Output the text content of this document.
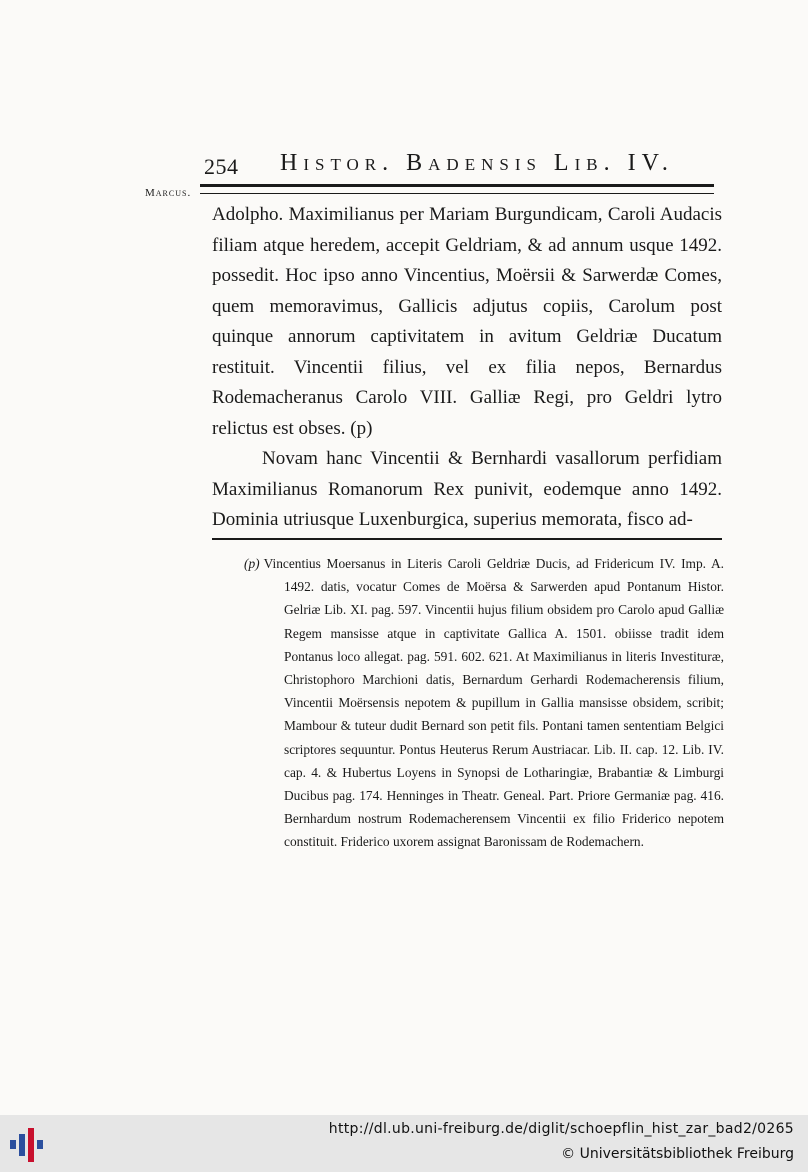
254 Histor. Badensis Lib. IV.
Marcus.

Adolpho. Maximilianus per Mariam Burgundicam, Caroli Audacis filiam atque heredem, accepit Geldriam, & ad annum usque 1492. possedit. Hoc ipso anno Vincentius, Moërsii & Sarwerdæ Comes, quem memoravimus, Gallicis adjutus copiis, Carolum post quinque annorum captivitatem in avitum Geldriæ Ducatum restituit. Vincentii filius, vel ex filia nepos, Bernardus Rodemacheranus Carolo VIII. Galliæ Regi, pro Geldri lytro relictus est obses. (p)

Novam hanc Vincentii & Bernhardi vasallorum perfidiam Maximilianus Romanorum Rex punivit, eodemque anno 1492. Dominia utriusque Luxenburgica, superius memorata, fisco ad-

(p) Vincentius Moersanus in Literis Caroli Geldriæ Ducis, ad Fridericum IV. Imp. A. 1492. datis, vocatur Comes de Moërsa & Sarwerden apud Pontanum Histor. Gelriæ Lib. XI. pag. 597. Vincentii hujus filium obsidem pro Carolo apud Galliæ Regem mansisse atque in captivitate Gallica A. 1501. obiisse tradit idem Pontanus loco allegat. pag. 591. 602. 621. At Maximilianus in literis Investituræ, Christophoro Marchioni datis, Bernardum Gerhardi Rodemacherensis filium, Vincentii Moërsensis nepotem & pupillum in Gallia mansisse obsidem, scribit; Mambour & tuteur dudit Bernard son petit fils. Pontani tamen sententiam Belgici scriptores sequuntur. Pontus Heuterus Rerum Austriacar. Lib. II. cap. 12. Lib. IV. cap. 4. & Hubertus Loyens in Synopsi de Lotharingiæ, Brabantiæ & Limburgi Ducibus pag. 174. Henninges in Theatr. Geneal. Part. Priore Germaniæ pag. 416. Bernhardum nostrum Rodemacherensem Vincentii ex filio Friderico nepotem constituit. Friderico uxorem assignat Baronissam de Rodemachern.
http://dl.ub.uni-freiburg.de/diglit/schoepflin_hist_zar_bad2/0265
© Universitätsbibliothek Freiburg
